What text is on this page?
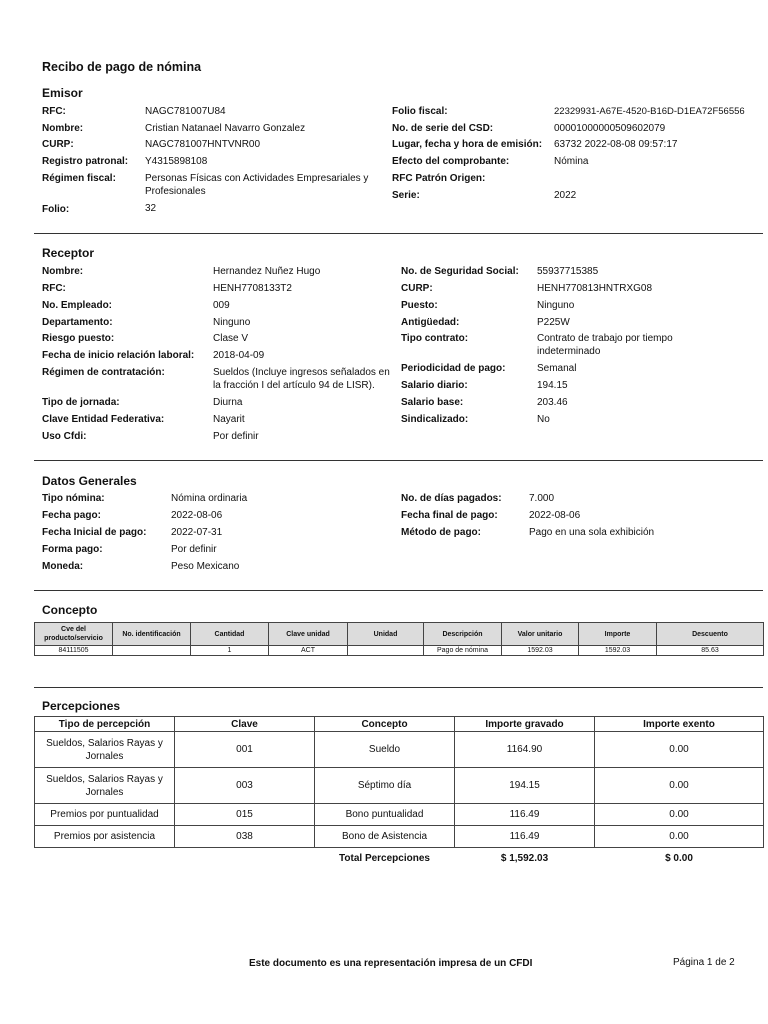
Recibo de pago de nómina
Emisor
RFC:	NAGC781007U84
Nombre:	Cristian Natanael Navarro Gonzalez
CURP:	NAGC781007HNTVNR00
Registro patronal: Y4315898108
Régimen fiscal:	Personas Físicas con Actividades Empresariales y Profesionales
Folio:	32
Folio fiscal:	22329931-A67E-4520-B16D-D1EA72F56556
No. de serie del CSD:	00001000000509602079
Lugar, fecha y hora de emisión: 63732 2022-08-08 09:57:17
Efecto del comprobante:	Nómina
RFC Patrón Origen:
Serie:	2022
Receptor
Nombre:	Hernandez Nuñez Hugo
RFC:	HENH7708133T2
No. Empleado:	009
Departamento:	Ninguno
Riesgo puesto:	Clase V
Fecha de inicio relación laboral: 2018-04-09
Régimen de contratación:	Sueldos (Incluye ingresos señalados en la fracción I del artículo 94 de LISR).
Tipo de jornada:	Diurna
Clave Entidad Federativa:	Nayarit
Uso Cfdi:	Por definir
No. de Seguridad Social: 55937715385
CURP:	HENH770813HNTRXG08
Puesto:	Ninguno
Antigüedad:	P225W
Tipo contrato:	Contrato de trabajo por tiempo indeterminado
Periodicidad de pago:	Semanal
Salario diario:	194.15
Salario base:	203.46
Sindicalizado:	No
Datos Generales
Tipo nómina:	Nómina ordinaria
Fecha pago:	2022-08-06
Fecha Inicial de pago: 2022-07-31
Forma pago:	Por definir
Moneda:	Peso Mexicano
No. de días pagados:	7.000
Fecha final de pago:	2022-08-06
Método de pago:	Pago en una sola exhibición
Concepto
Cve del producto/servicio	No. identificación	Cantidad	Clave unidad	Unidad	Descripción	Valor unitario	Importe	Descuento
84111505		1	ACT		Pago de nómina	1592.03	1592.03	85.63
Percepciones
Tipo de percepción	Clave	Concepto	Importe gravado	Importe exento
Sueldos, Salarios Rayas y Jornales	001	Sueldo	1164.90	0.00
Sueldos, Salarios Rayas y Jornales	003	Séptimo día	194.15	0.00
Premios por puntualidad	015	Bono puntualidad	116.49	0.00
Premios por asistencia	038	Bono de Asistencia	116.49	0.00
		Total Percepciones	$ 1,592.03	$ 0.00
Este documento es una representación impresa de un CFDI	Página 1 de 2
